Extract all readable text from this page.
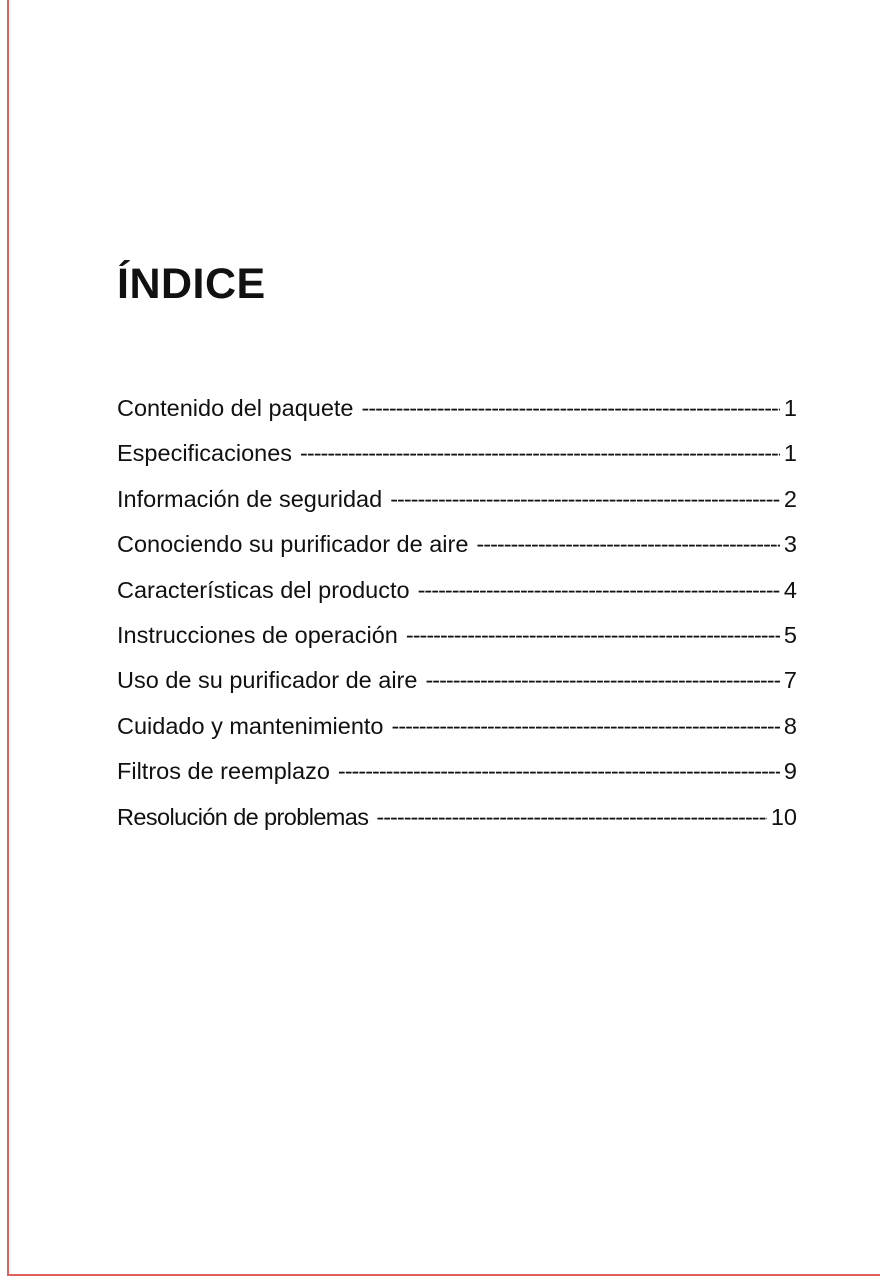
ÍNDICE
Contenido del paquete -----	1
Especificaciones -----	1
Información de seguridad -----	2
Conociendo su purificador de aire -----	3
Características del producto -----	4
Instrucciones de operación -----	5
Uso de su purificador de aire -----	7
Cuidado y mantenimiento -----	8
Filtros de reemplazo -----	9
Resolución de problemas -----	10
